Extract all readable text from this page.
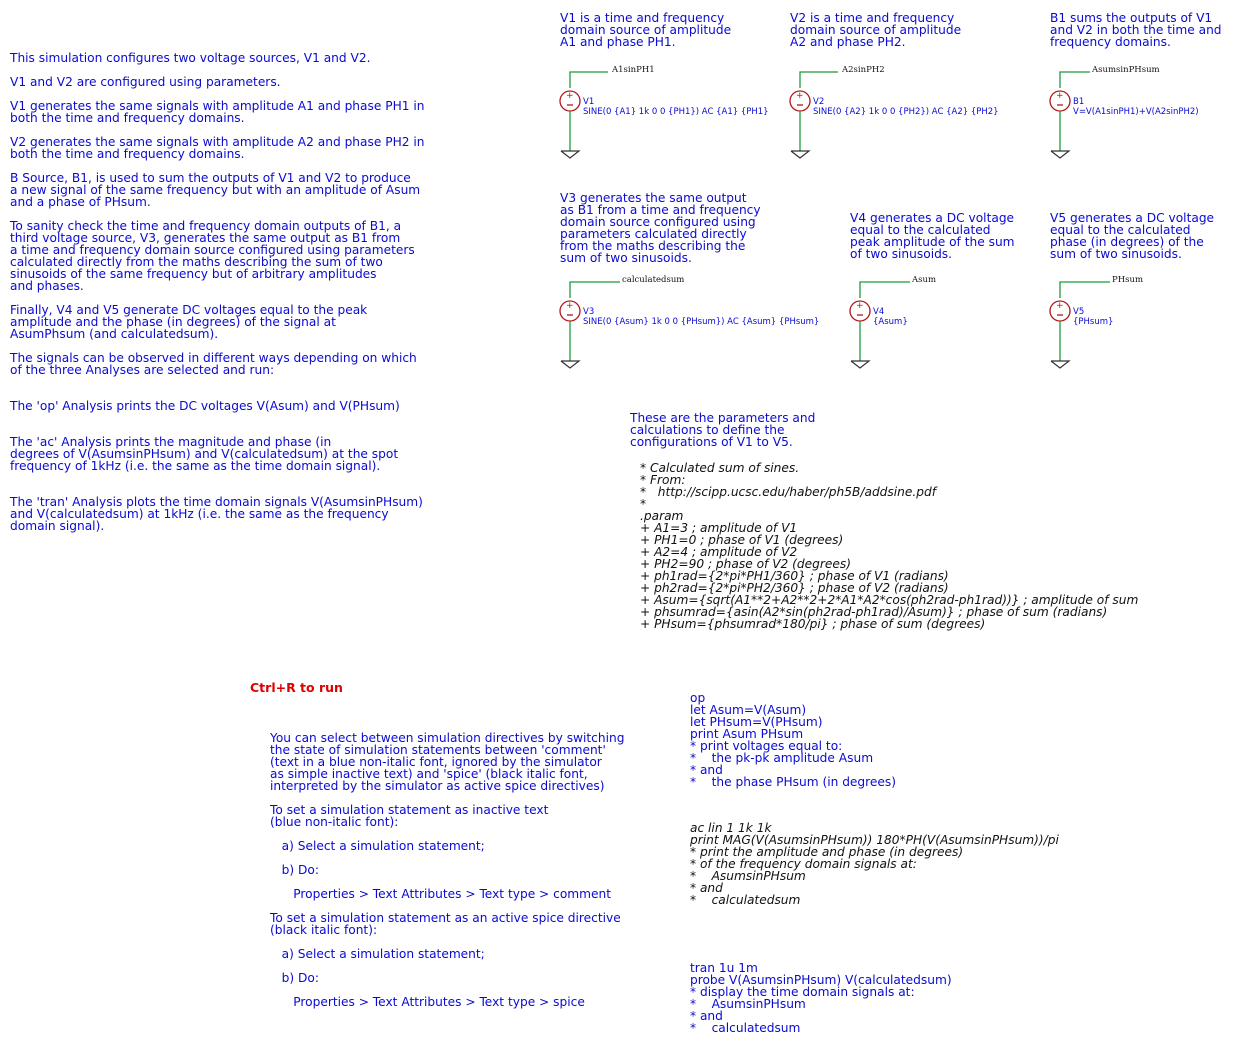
This simulation configures two voltage sources, V1 and V2.
V1 and V2 are configured using parameters.
V1 generates the same signals with amplitude A1 and phase PH1 in
both the time and frequency domains.
V2 generates the same signals with amplitude A2 and phase PH2 in
both the time and frequency domains.
B Source, B1, is used to sum the outputs of V1 and V2 to produce
a new signal of the same frequency but with an amplitude of Asum
and a phase of PHsum.
To sanity check the time and frequency domain outputs of B1, a
third voltage source, V3, generates the same output as B1 from
a time and frequency domain source configured using parameters
calculated directly from the maths describing the sum of two
sinusoids of the same frequency but of arbitrary amplitudes
and phases.
Finally, V4 and V5 generate DC voltages equal to the peak
amplitude and the phase (in degrees) of the signal at
AsumPhsum (and calculatedsum).
The signals can be observed in different ways depending on which
of the three Analyses are selected and run:
The 'op' Analysis prints the DC voltages V(Asum) and V(PHsum)
The 'ac' Analysis prints the magnitude and phase (in
degrees of V(AsumsinPHsum) and V(calculatedsum) at the spot
frequency of 1kHz (i.e. the same as the time domain signal).
The 'tran' Analysis plots the time domain signals V(AsumsinPHsum)
and V(calculatedsum) at 1kHz (i.e. the same as the frequency
domain signal).
V1 is a time and frequency
domain source of amplitude
A1 and phase PH1.
V2 is a time and frequency
domain source of amplitude
A2 and phase PH2.
B1 sums the outputs of V1
and V2 in both the time and
frequency domains.
V3 generates the same output
as B1 from a time and frequency
domain source configured using
parameters calculated directly
from the maths describing the
sum of two sinusoids.
V4 generates a DC voltage
equal to the calculated
peak amplitude of the sum
of two sinusoids.
V5 generates a DC voltage
equal to the calculated
phase (in degrees) of the
sum of two sinusoids.
+
A1sinPH1
V1
SINE(0 {A1} 1k 0 0 {PH1}) AC {A1} {PH1}
+
A2sinPH2
V2
SINE(0 {A2} 1k 0 0 {PH2}) AC {A2} {PH2}
+
AsumsinPHsum
B1
V=V(A1sinPH1)+V(A2sinPH2)
+
calculatedsum
V3
SINE(0 {Asum} 1k 0 0 {PHsum}) AC {Asum} {PHsum}
+
Asum
V4
{Asum}
+
PHsum
V5
{PHsum}
These are the parameters and
calculations to define the
configurations of V1 to V5.
* Calculated sum of sines.
* From:
*   http://scipp.ucsc.edu/haber/ph5B/addsine.pdf
*
.param
+ A1=3 ; amplitude of V1
+ PH1=0 ; phase of V1 (degrees)
+ A2=4 ; amplitude of V2
+ PH2=90 ; phase of V2 (degrees)
+ ph1rad={2*pi*PH1/360} ; phase of V1 (radians)
+ ph2rad={2*pi*PH2/360} ; phase of V2 (radians)
+ Asum={sqrt(A1**2+A2**2+2*A1*A2*cos(ph2rad-ph1rad))} ; amplitude of sum
+ phsumrad={asin(A2*sin(ph2rad-ph1rad)/Asum)} ; phase of sum (radians)
+ PHsum={phsumrad*180/pi} ; phase of sum (degrees)
Ctrl+R to run
You can select between simulation directives by switching
the state of simulation statements between 'comment'
(text in a blue non-italic font, ignored by the simulator
as simple inactive text) and 'spice' (black italic font,
interpreted by the simulator as active spice directives)

To set a simulation statement as inactive text
(blue non-italic font):

a) Select a simulation statement;

b) Do:

Properties > Text Attributes > Text type > comment

To set a simulation statement as an active spice directive
(black italic font):

a) Select a simulation statement;

b) Do:

Properties > Text Attributes > Text type > spice
op
let Asum=V(Asum)
let PHsum=V(PHsum)
print Asum PHsum
* print voltages equal to:
*    the pk-pk amplitude Asum
* and
*    the phase PHsum (in degrees)
ac lin 1 1k 1k
print MAG(V(AsumsinPHsum)) 180*PH(V(AsumsinPHsum))/pi
* print the amplitude and phase (in degrees)
* of the frequency domain signals at:
*    AsumsinPHsum
* and
*    calculatedsum
tran 1u 1m
probe V(AsumsinPHsum) V(calculatedsum)
* display the time domain signals at:
*    AsumsinPHsum
* and
*    calculatedsum
